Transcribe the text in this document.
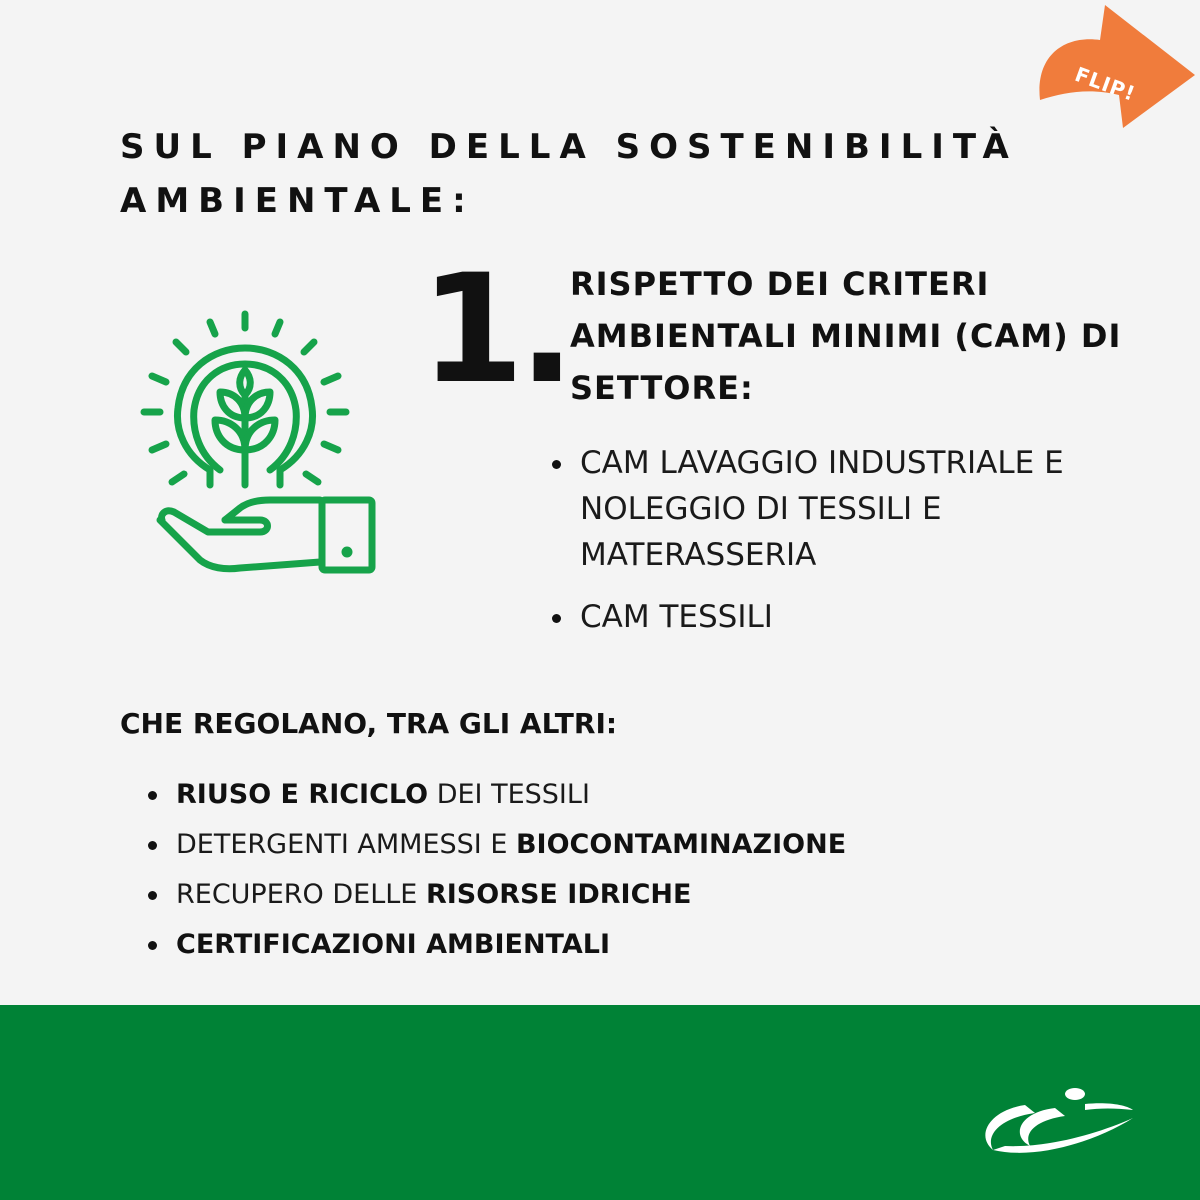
FLIP!
SUL PIANO DELLA SOSTENIBILITÀ AMBIENTALE:
1. RISPETTO DEI CRITERI AMBIENTALI MINIMI (CAM) DI SETTORE:
CAM LAVAGGIO INDUSTRIALE E NOLEGGIO DI TESSILI E MATERASSERIA
CAM TESSILI
CHE REGOLANO, TRA GLI ALTRI:
RIUSO E RICICLO DEI TESSILI
DETERGENTI AMMESSI E BIOCONTAMINAZIONE
RECUPERO DELLE RISORSE IDRICHE
CERTIFICAZIONI AMBIENTALI
